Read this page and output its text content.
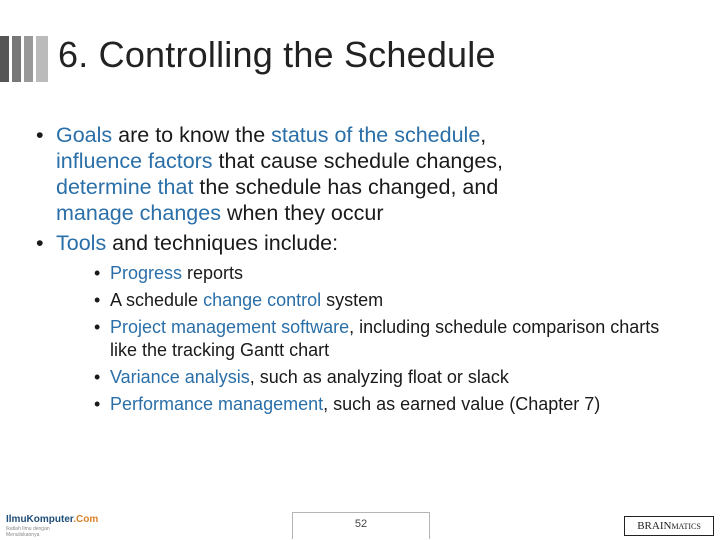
6. Controlling the Schedule
• Goals are to know the status of the schedule,
influence factors that cause schedule changes,
determine that the schedule has changed, and
manage changes when they occur
• Tools and techniques include:
• Progress reports
• A schedule change control system
• Project management software, including schedule comparison charts like the tracking Gantt chart
• Variance analysis, such as analyzing float or slack
• Performance management, such as earned value (Chapter 7)
IlmuKomputer.Com
Ikatlah Ilmu dengan Menuliskannya
52	BRAINMATICS
